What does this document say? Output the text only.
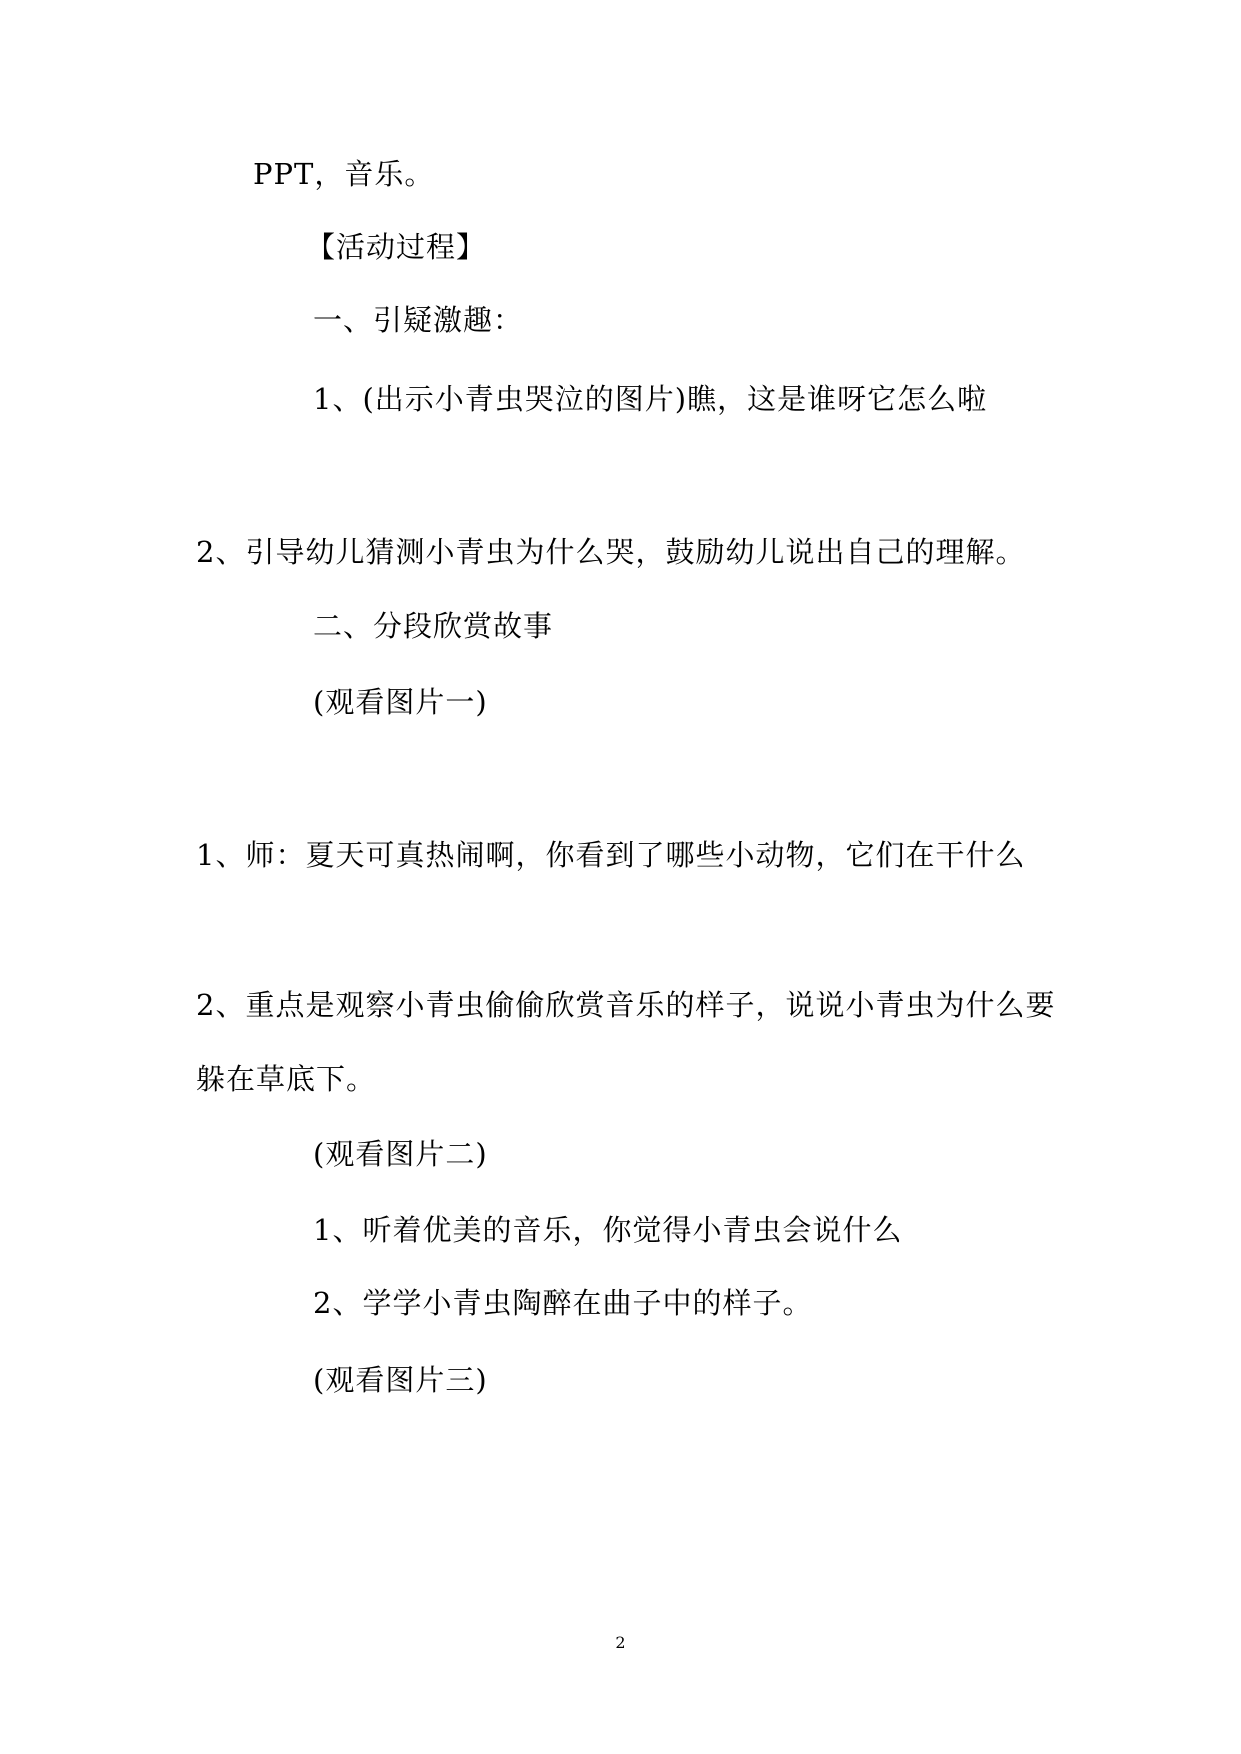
PPT，音乐。
【活动过程】
一、引疑激趣：
1、(出示小青虫哭泣的图片)瞧，这是谁呀它怎么啦
2、引导幼儿猜测小青虫为什么哭，鼓励幼儿说出自己的理解。
二、分段欣赏故事
(观看图片一)
1、师：夏天可真热闹啊，你看到了哪些小动物，它们在干什么
2、重点是观察小青虫偷偷欣赏音乐的样子，说说小青虫为什么要
躲在草底下。
(观看图片二)
1、听着优美的音乐，你觉得小青虫会说什么
2、学学小青虫陶醉在曲子中的样子。
(观看图片三)
2
